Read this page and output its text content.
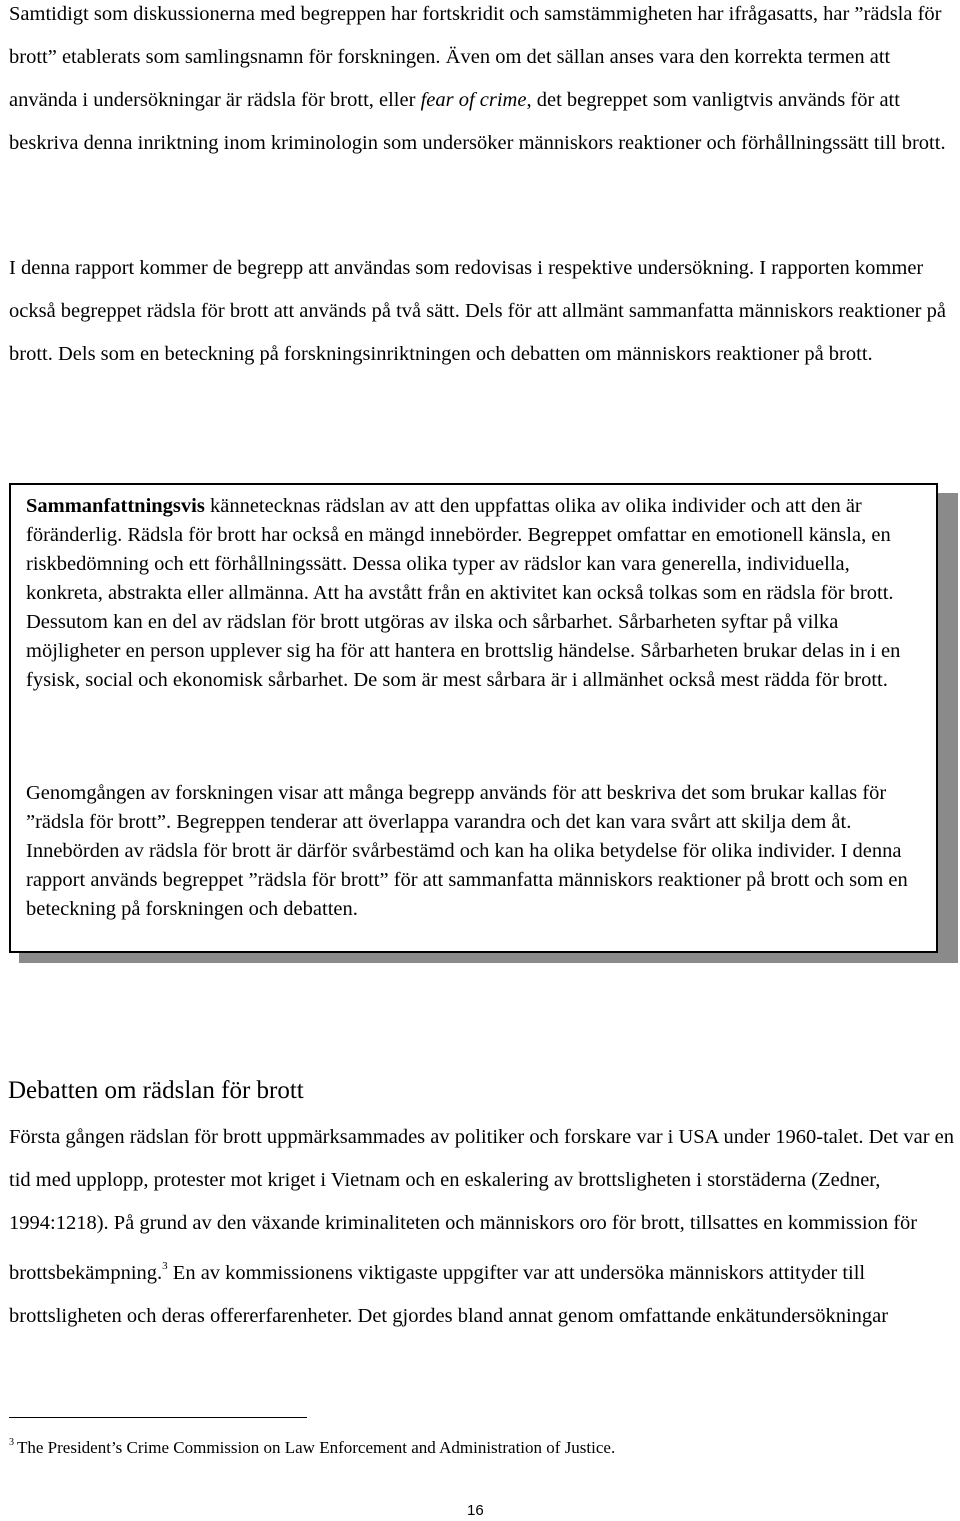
Samtidigt som diskussionerna med begreppen har fortskridit och samstämmigheten har ifrågasatts, har ”rädsla för brott” etablerats som samlingsnamn för forskningen. Även om det sällan anses vara den korrekta termen att använda i undersökningar är rädsla för brott, eller fear of crime, det begreppet som vanligtvis används för att beskriva denna inriktning inom kriminologin som undersöker människors reaktioner och förhållningssätt till brott.

I denna rapport kommer de begrepp att användas som redovisas i respektive undersökning. I rapporten kommer också begreppet rädsla för brott att används på två sätt. Dels för att allmänt sammanfatta människors reaktioner på brott. Dels som en beteckning på forskningsinriktningen och debatten om människors reaktioner på brott.

Sammanfattningsvis kännetecknas rädslan av att den uppfattas olika av olika individer och att den är föränderlig. Rädsla för brott har också en mängd innebörder. Begreppet omfattar en emotionell känsla, en riskbedömning och ett förhållningssätt. Dessa olika typer av rädslor kan vara generella, individuella, konkreta, abstrakta eller allmänna. Att ha avstått från en aktivitet kan också tolkas som en rädsla för brott. Dessutom kan en del av rädslan för brott utgöras av ilska och sårbarhet. Sårbarheten syftar på vilka möjligheter en person upplever sig ha för att hantera en brottslig händelse. Sårbarheten brukar delas in i en fysisk, social och ekonomisk sårbarhet. De som är mest sårbara är i allmänhet också mest rädda för brott.

Genomgången av forskningen visar att många begrepp används för att beskriva det som brukar kallas för ”rädsla för brott”. Begreppen tenderar att överlappa varandra och det kan vara svårt att skilja dem åt. Innebörden av rädsla för brott är därför svårbestämd och kan ha olika betydelse för olika individer. I denna rapport används begreppet ”rädsla för brott” för att sammanfatta människors reaktioner på brott och som en beteckning på forskningen och debatten.

Debatten om rädslan för brott

Första gången rädslan för brott uppmärksammades av politiker och forskare var i USA under 1960-talet. Det var en tid med upplopp, protester mot kriget i Vietnam och en eskalering av brottsligheten i storstäderna (Zedner, 1994:1218). På grund av den växande kriminaliteten och människors oro för brott, tillsattes en kommission för brottsbekämpning.$^3$ En av kommissionens viktigaste uppgifter var att undersöka människors attityder till brottsligheten och deras offererfarenheter. Det gjordes bland annat genom omfattande enkätundersökningar

$^3$ The President’s Crime Commission on Law Enforcement and Administration of Justice.

16
